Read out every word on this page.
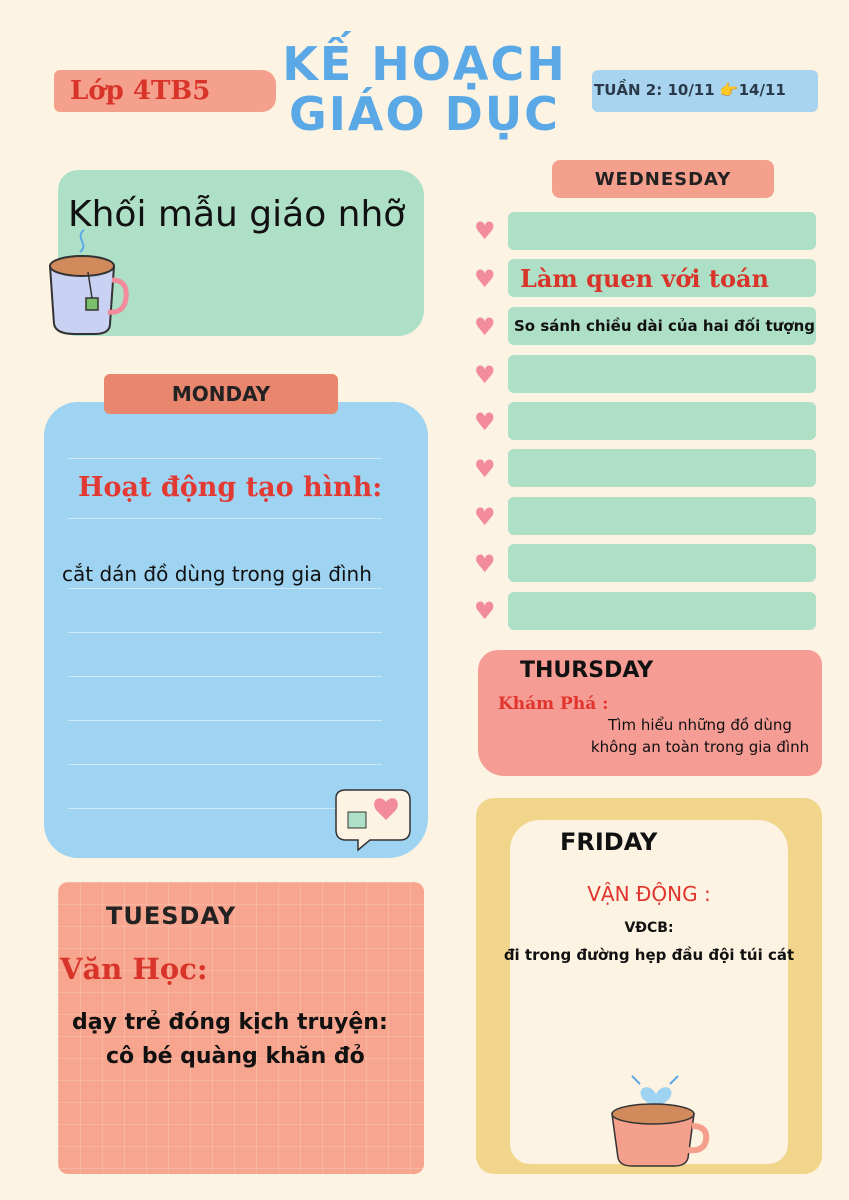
KẾ HOẠCH
GIÁO DỤC
Lớp 4TB5	TUẦN 2: 10/11 👉14/11
Khối mẫu giáo nhỡ
Hoạt động tạo hình:
cắt dán đồ dùng trong gia đình
MONDAY
TUESDAY
Văn Học:
dạy trẻ đóng kịch truyện:
cô bé quàng khăn đỏ
WEDNESDAY
♥
♥ Làm quen với toán
♥ So sánh chiều dài của hai đối tượng
♥
♥
♥
♥
♥
♥
THURSDAY
Khám Phá :
Tìm hiểu những đồ dùng không an toàn trong gia đình
FRIDAY
VẬN ĐỘNG :
VĐCB:
đi trong đường hẹp đầu đội túi cát
